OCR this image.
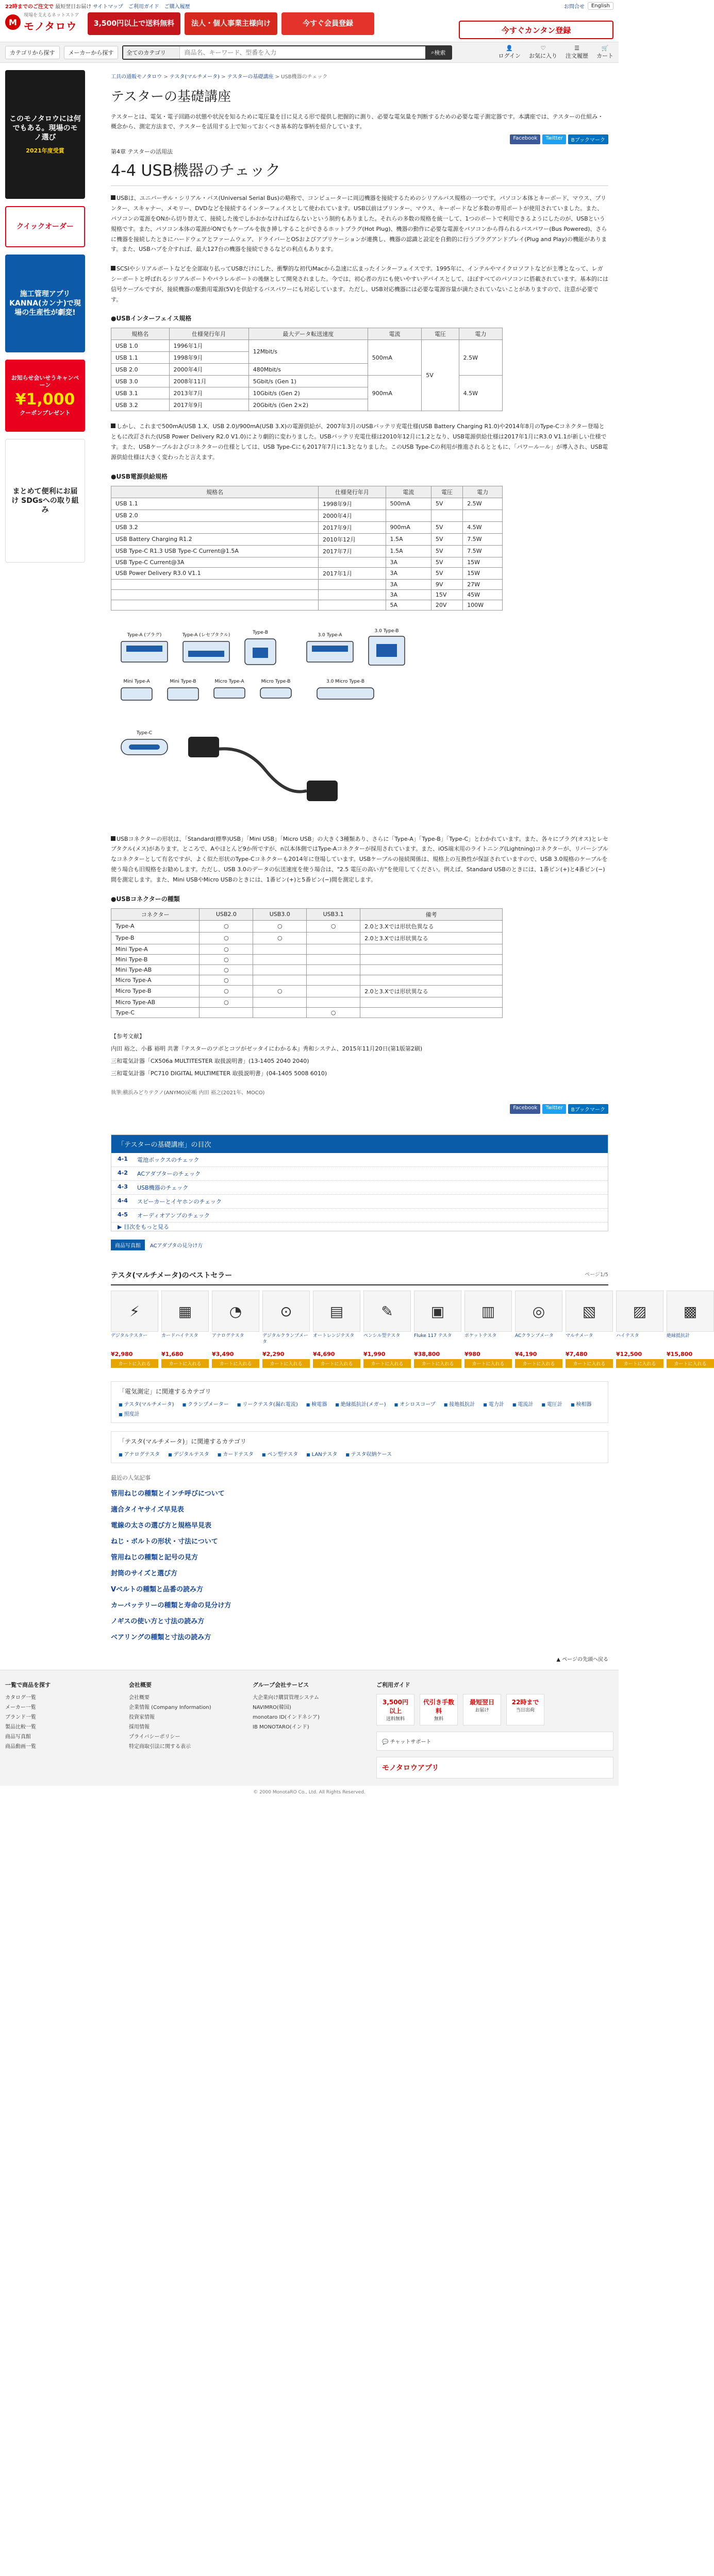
22時までのご注文で 最短翌日お届け
M
現場を支えるネットストア
モノタロウ
サイトマップ ご利用ガイド ご購入履歴
3,500円以上で送料無料	法人・個人事業主様向け	今すぐ会員登録
お問合せ	English
今すぐカンタン登録
カテゴリから探す	メーカーから探す	全てのカテゴリ
商品名、キーワード、型番を入力	⌕ 検索
👤
ログイン
♡
お気に入り
☰
注文履歴
🛒
カート
このモノタロウには何でもある。現場のモノ選び
2021年度受賞
クイックオーダー
施工管理アプリ KANNA(カンナ)で現場の生産性が劇変!
お知らせ会いせうキャンペーン
¥1,000
クーポンプレゼント
まとめて便利にお届け SDGsへの取り組み
工具の通販モノタロウ > テスタ(マルチメータ) > テスターの基礎講座 > USB機器のチェック
テスターの基礎講座

テスターとは、電気・電子回路の状態や状況を知るために電圧量を目に見える形で提供し把握的に測り、必要な電気量を判断するための必要な電子測定器です。本講座では、テスターの仕組み・概念から、測定方法まで、テスターを活用する上で知っておくべき基本的な事柄を紹介しています。

Facebook	Twitter	Bブックマーク
第4章 テスターの活用法
4-4 USB機器のチェック

USBは、ユニバーサル・シリアル・バス(Universal Serial Bus)の略称で、コンピューターに周辺機器を接続するためのシリアルバス規格の一つです。パソコン本体とキーボード、マウス、プリンター、スキャナー、メモリー、DVDなどを接続するインターフェイスとして使われています。USB以前はプリンター、マウス、キーボードなど多数の専用ポートが使用されていました。また、パソコンの電源をONから切り替えて、接続した後でしかおかなければならないという制約もありました。それらの多数の規格を統一して、1つのポートで利用できるようにしたのが、USBという規格です。また、パソコン本体の電源がONでもケーブルを抜き挿しすることができるホットプラグ(Hot Plug)、機器の動作に必要な電源をパソコンから得られるバスパワー(Bus Powered)、さらに機器を接続したときにハードウェアとファームウェア、ドライバーとOSおよびアプリケーションが連携し、機器の認識と設定を自動的に行うプラグアンドプレイ(Plug and Play)の機能があります。また、USBハブを介すれば、最大127台の機器を接続できるなどの利点もあります。

SCSIやシリアルポートなどを全部取り払ってUSBだけにした、衝撃的な初代iMacから急速に広まったインターフェイスです。1995年に、インテルやマイクロソフトなどが主導となって、レガシーポートと呼ばれるシリアルポートやパラレルポートの後継として開発されました。今では、初心者の方にも使いやすいデバイスとして、ほぼすべてのパソコンに搭載されています。基本的には信号ケーブルですが、接続機器の駆動用電源(5V)を供給するバスパワーにも対応しています。ただし、USB対応機器には必要な電源容量が満たされていないことがありますので、注意が必要です。

●USBインターフェイス規格
規格名	仕様発行年月	最大データ転送速度	電流	電圧	電力
USB 1.0	1996年1月	12Mbit/s	500mA	5V	2.5W
USB 1.1	1998年9月				
USB 2.0	2000年4月	480Mbit/s			
USB 3.0	2008年11月	5Gbit/s (Gen 1)	900mA		4.5W
USB 3.1	2013年7月	10Gbit/s (Gen 2)			
USB 3.2	2017年9月	20Gbit/s (Gen 2×2)			

しかし、これまで500mA(USB 1.X、USB 2.0)/900mA(USB 3.X)の電源供給が、2007年3月のUSBバッテリ充電仕様(USB Battery Charging R1.0)や2014年8月のType-Cコネクター登場とともに改訂された(USB Power Delivery R2.0 V1.0)により劇的に変わりました。USBバッテリ充電仕様は2010年12月に1.2となり、USB電源供給仕様は2017年1月にR3.0 V1.1が新しい仕様です。また、USBケーブルおよびコネクターの仕様としては、USB Type-Cにも2017年7月に1.3となりました。このUSB Type-Cの利用が推進されるとともに、「パワールール」が導入され、USB電源供給仕様は大きく変わったと言えます。

●USB電源供給規格
規格名	仕様発行年月	電流	電圧	電力
USB 1.1	1998年9月	500mA	5V	2.5W
USB 2.0	2000年4月			
USB 3.2	2017年9月	900mA	5V	4.5W
USB Battery Charging R1.2	2010年12月	1.5A	5V	7.5W
USB Type-C R1.3 USB Type-C Current@1.5A	2017年7月	1.5A	5V	7.5W
USB Type-C Current@3A		3A	5V	15W
USB Power Delivery R3.0 V1.1	2017年1月	3A	5V	15W
		3A	9V	27W
		3A	15V	45W
		5A	20V	100W
Type-A (プラグ)	Type-A (レセプタクル)	Type-B
Mini Type-A	Mini Type-B	Micro Type-A	Micro Type-B
3.0 Type-A
3.0 Type-B
3.0 Micro Type-B
Type-C

USBコネクターの形状は、「Standard(標準)USB」「Mini USB」「Micro USB」の大きく3種類あり、さらに「Type-A」「Type-B」「Type-C」とわかれています。また、各々にプラグ(オス)とレセプタクル(メス)があります。ところで、Aやほとんど9か所ですが、n以本体側ではType-Aコネクターが採用されています。また、iOS端末用のライトニング(Lightning)コネクターが、リバーシブルなコネクターとして有名ですが、よく似た形状のType-Cコネクターも2014年に登場しています。USBケーブルの接続関係は、規格上の互換性が保証されていますので、USB 3.0規格のケーブルを使う場合も旧規格をお勧めします。ただし、USB 3.0のデータの伝送速度を使う場合は、"2.5 電圧の高い方"を使用してください。例えば、Standard USBのときには、1番ピン(+)と4番ピン(−)間を測定します。また、Mini USBやMicro USBのときには、1番ピン(+)と5番ピン(−)間を測定します。

●USBコネクターの種類
コネクター	USB2.0	USB3.0	USB3.1	備考
Type-A	○	○	○	2.0と3.Xでは形状色異なる
Type-B	○	○		2.0と3.Xでは形状異なる
Mini Type-A	○			
Mini Type-B	○			
Mini Type-AB	○			
Micro Type-A	○			
Micro Type-B	○	○		2.0と3.Xでは形状異なる
Micro Type-AB	○			
Type-C			○	
【参考文献】
内田 裕之、小暮 裕明 共著『テスターのツボとコツがゼッタイにわかる本』秀和システム、2015年11月20日(第1版第2刷)
三和電気計器「CX506a MULTITESTER 取扱説明書」(13-1405 2040 2040)
三和電気計器「PC710 DIGITAL MULTIMETER 取扱説明書」(04-1405 5008 6010)
執筆:横浜みどりテクノ(ANYMO)応帳 内田 裕之(2021年、MOCO)
Facebook	Twitter	Bブックマーク
「テスターの基礎講座」の目次
4-1	電池ボックスのチェック
4-2	ACアダプターのチェック
4-3	USB機器のチェック
4-4	スピーカーとイヤホンのチェック
4-5	オーディオアンプのチェック
▶ 目次をもっと見る
商品写真館	ACアダプタの見分け方
テスタ(マルチメータ)のベストセラー	ページ1/5
⚡
デジタルテスター
¥2,980
カートに入れる
▦
カードハイテスタ
¥1,680
カートに入れる
◔
アナログテスタ
¥3,490
カートに入れる
⊙
デジタルクランプメータ
¥2,290
カートに入れる
▤
オートレンジテスタ
¥4,690
カートに入れる
✎
ペンシル型テスタ
¥1,990
カートに入れる
▣
Fluke 117 テスタ
¥38,800
カートに入れる
▥
ポケットテスタ
¥980
カートに入れる
◎
ACクランプメータ
¥4,190
カートに入れる
▧
マルチメータ
¥7,480
カートに入れる
▨
ハイテスタ
¥12,500
カートに入れる
▩
絶縁抵抗計
¥15,800
カートに入れる
「電気測定」に関連するカテゴリ
■ テスタ(マルチメータ)	■ クランプメーター	■ リークテスタ(漏れ電流)	■ 検電器	■ 絶縁抵抗計(メガー)	■ オシロスコープ	■ 接地抵抗計	■ 電力計	■ 電流計	■ 電圧計	■ 検相器
■ 照度計
「テスタ(マルチメータ)」に関連するカテゴリ
■ アナログテスタ	■ デジタルテスタ	■ カードテスタ	■ ペン型テスタ	■ LANテスタ	■ テスタ収納ケース
最近の人気記事
管用ねじの種類とインチ呼びについて
適合タイヤサイズ早見表
電線の太さの選び方と規格早見表
ねじ・ボルトの形状・寸法について
管用ねじの種類と記号の見方
封筒のサイズと選び方
Vベルトの種類と品番の読み方
カーバッテリーの種類と寿命の見分け方
ノギスの使い方と寸法の読み方
ベアリングの種類と寸法の読み方
▲ ページの先頭へ戻る
一覧で商品を探す
カタログ一覧
メーカー一覧
ブランド一覧
製品比較一覧
商品写真館
商品動画一覧
会社概要
会社概要
企業情報 (Company Information)
投資家情報
採用情報
プライバシーポリシー
特定商取引法に関する表示
グループ会社サービス
大企業向け購買管理システム
NAVIMRO(韓国)
monotaro ID(インドネシア)
IB MONOTARO(インド)
ご利用ガイド
3,500円以上
送料無料
代引き手数料
無料
最短翌日
お届け
22時まで
当日出荷
💬 チャットサポート
モノタロウアプリ
© 2000 MonotaRO Co., Ltd. All Rights Reserved.
